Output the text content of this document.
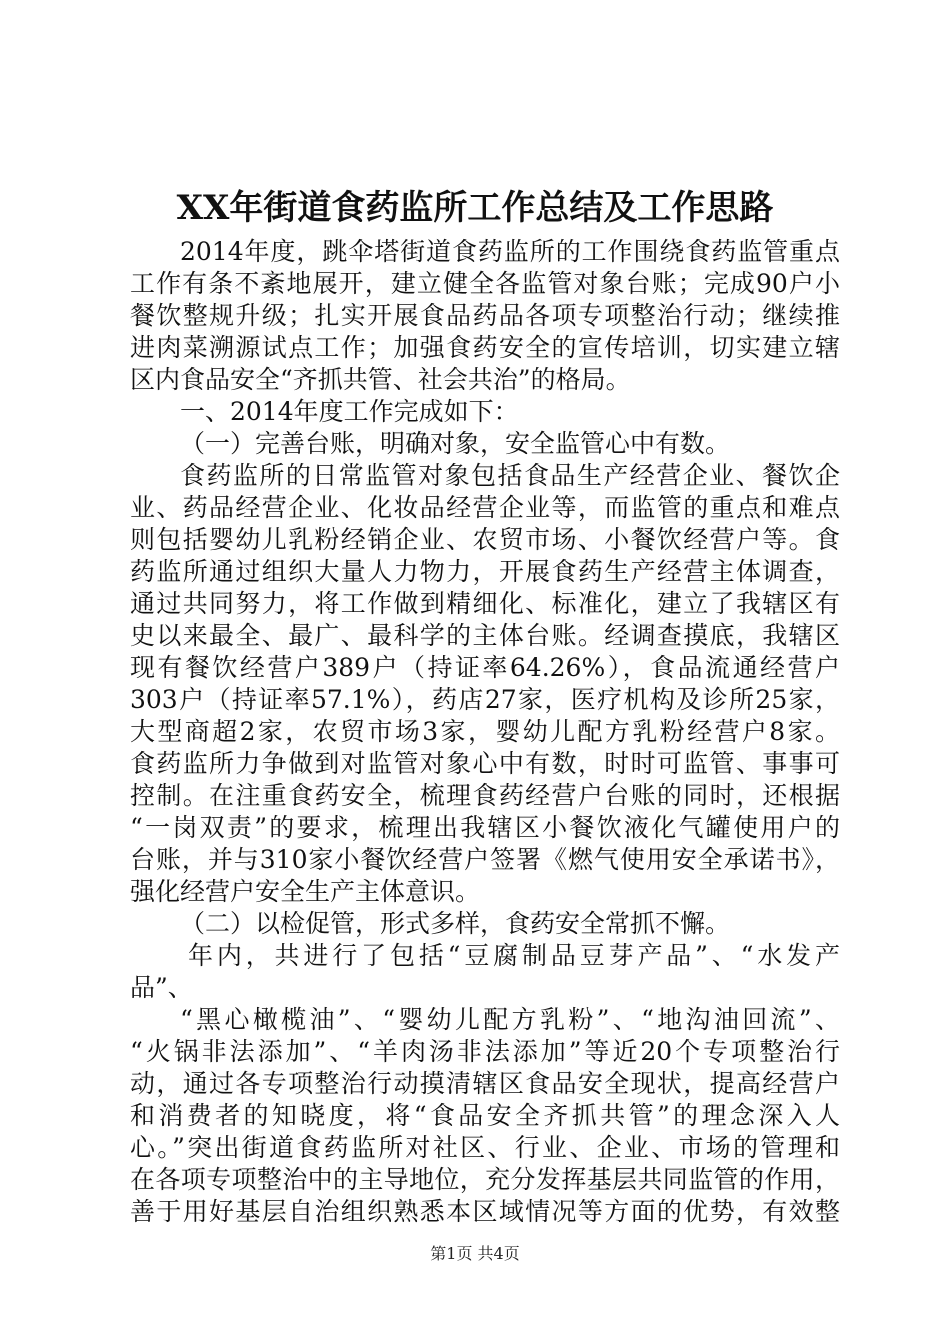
XX年街道食药监所工作总结及工作思路
2014年度，跳伞塔街道食药监所的工作围绕食药监管重点
工作有条不紊地展开，建立健全各监管对象台账；完成90户小
餐饮整规升级；扎实开展食品药品各项专项整治行动；继续推
进肉菜溯源试点工作；加强食药安全的宣传培训，切实建立辖
区内食品安全“齐抓共管、社会共治”的格局。
一、2014年度工作完成如下：
（一）完善台账，明确对象，安全监管心中有数。
食药监所的日常监管对象包括食品生产经营企业、餐饮企
业、药品经营企业、化妆品经营企业等，而监管的重点和难点
则包括婴幼儿乳粉经销企业、农贸市场、小餐饮经营户等。食
药监所通过组织大量人力物力，开展食药生产经营主体调查，
通过共同努力，将工作做到精细化、标准化，建立了我辖区有
史以来最全、最广、最科学的主体台账。经调查摸底，我辖区
现有餐饮经营户389户（持证率64.26%），食品流通经营户
303户（持证率57.1%），药店27家，医疗机构及诊所25家，
大型商超2家，农贸市场3家，婴幼儿配方乳粉经营户8家。
食药监所力争做到对监管对象心中有数，时时可监管、事事可
控制。在注重食药安全，梳理食药经营户台账的同时，还根据
“一岗双责”的要求，梳理出我辖区小餐饮液化气罐使用户的
台账，并与310家小餐饮经营户签署《燃气使用安全承诺书》，
强化经营户安全生产主体意识。
（二）以检促管，形式多样，食药安全常抓不懈。
年内，共进行了包括“豆腐制品豆芽产品”、“水发产
品”、
“黑心橄榄油”、“婴幼儿配方乳粉”、“地沟油回流”、
“火锅非法添加”、“羊肉汤非法添加”等近20个专项整治行
动，通过各专项整治行动摸清辖区食品安全现状，提高经营户
和消费者的知晓度，将“食品安全齐抓共管”的理念深入人
心。”突出街道食药监所对社区、行业、企业、市场的管理和
在各项专项整治中的主导地位，充分发挥基层共同监管的作用，
善于用好基层自治组织熟悉本区域情况等方面的优势，有效整
第1页 共4页
